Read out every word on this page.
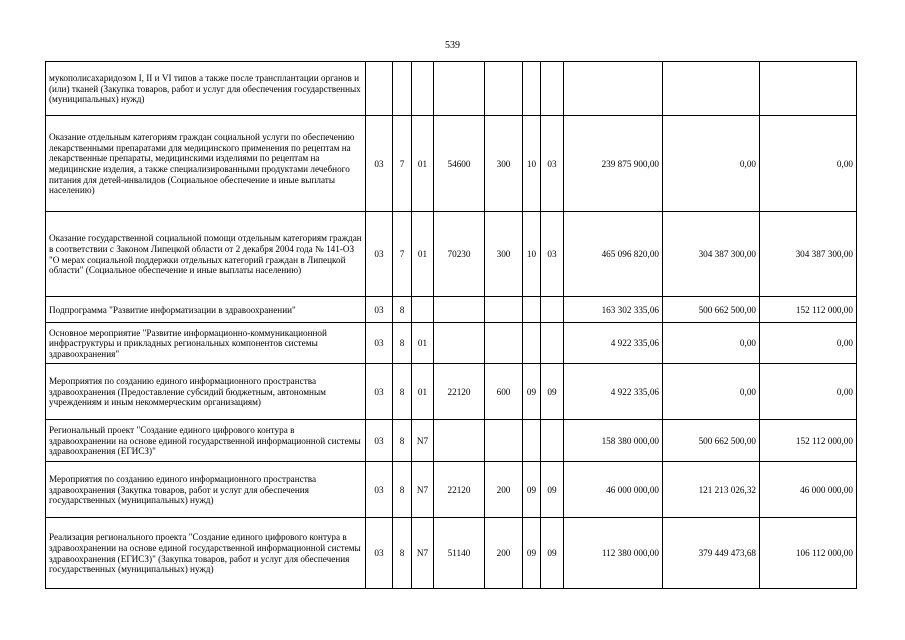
539
мукополисахаридозом I, II и VI типов а также после трансплантации органов и (или) тканей (Закупка товаров, работ и услуг для обеспечения государственных (муниципальных) нужд)										
Оказание отдельным категориям граждан социальной услуги по обеспечению лекарственными препаратами для медицинского применения по рецептам на лекарственные препараты, медицинскими изделиями по рецептам на медицинские изделия, а также специализированными продуктами лечебного питания для детей-инвалидов (Социальное обеспечение и иные выплаты населению)	03	7	01	54600	300	10	03	239 875 900,00	0,00	0,00
Оказание государственной социальной помощи отдельным категориям граждан в соответствии с Законом Липецкой области от 2 декабря 2004 года № 141-ОЗ "О мерах социальной поддержки отдельных категорий граждан в Липецкой области" (Социальное обеспечение и иные выплаты населению)	03	7	01	70230	300	10	03	465 096 820,00	304 387 300,00	304 387 300,00
Подпрограмма "Развитие информатизации в здравоохранении"	03	8						163 302 335,06	500 662 500,00	152 112 000,00
Основное мероприятие "Развитие информационно-коммуникационной инфраструктуры и прикладных региональных компонентов системы здравоохранения"	03	8	01					4 922 335,06	0,00	0,00
Мероприятия по созданию единого информационного пространства здравоохранения (Предоставление субсидий бюджетным, автономным учреждениям и иным некоммерческим организациям)	03	8	01	22120	600	09	09	4 922 335,06	0,00	0,00
Региональный проект "Создание единого цифрового контура в здравоохранении на основе единой государственной информационной системы здравоохранения (ЕГИСЗ)"	03	8	N7					158 380 000,00	500 662 500,00	152 112 000,00
Мероприятия по созданию единого информационного пространства здравоохранения (Закупка товаров, работ и услуг для обеспечения государственных (муниципальных) нужд)	03	8	N7	22120	200	09	09	46 000 000,00	121 213 026,32	46 000 000,00
Реализация регионального проекта "Создание единого цифрового контура в здравоохранении на основе единой государственной информационной системы здравоохранения (ЕГИСЗ)" (Закупка товаров, работ и услуг для обеспечения государственных (муниципальных) нужд)	03	8	N7	51140	200	09	09	112 380 000,00	379 449 473,68	106 112 000,00
